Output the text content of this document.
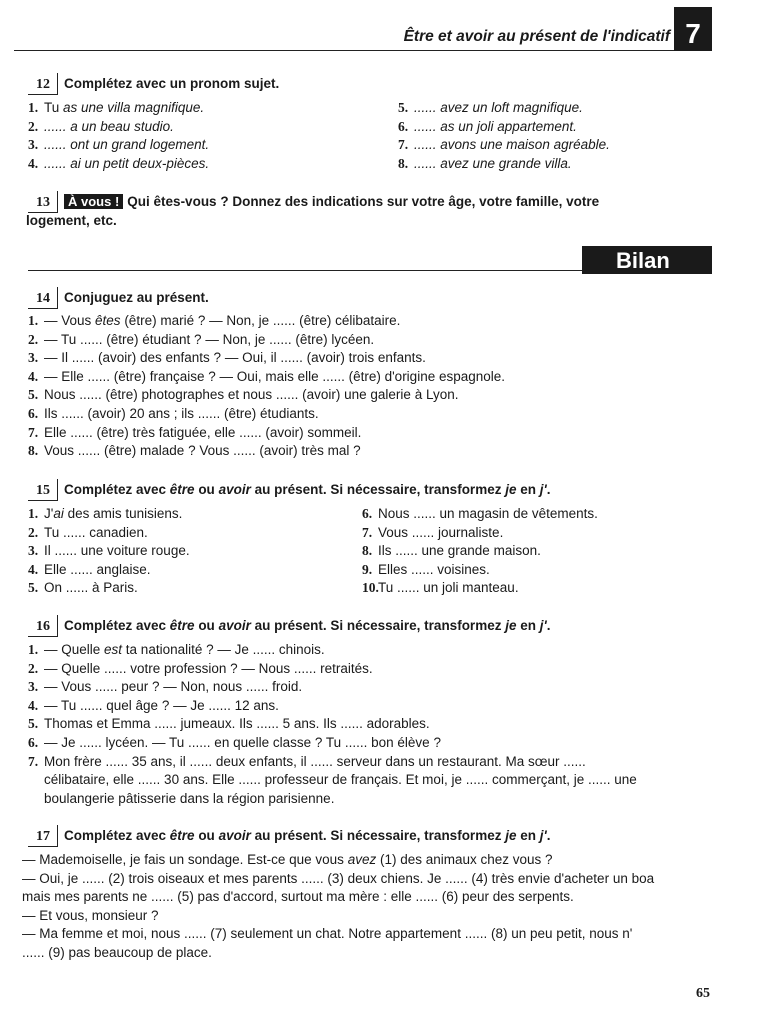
Être et avoir au présent de l'indicatif 7
12 Complétez avec un pronom sujet.
1. Tu as une villa magnifique.
2. ...... a un beau studio.
3. ...... ont un grand logement.
4. ...... ai un petit deux-pièces.
5. ...... avez un loft magnifique.
6. ...... as un joli appartement.
7. ...... avons une maison agréable.
8. ...... avez une grande villa.
13 À vous ! Qui êtes-vous ? Donnez des indications sur votre âge, votre famille, votre
logement, etc.
Bilan
14 Conjuguez au présent.
1. — Vous êtes (être) marié ? — Non, je ...... (être) célibataire.
2. — Tu ...... (être) étudiant ? — Non, je ...... (être) lycéen.
3. — Il ...... (avoir) des enfants ? — Oui, il ...... (avoir) trois enfants.
4. — Elle ...... (être) française ? — Oui, mais elle ...... (être) d'origine espagnole.
5. Nous ...... (être) photographes et nous ...... (avoir) une galerie à Lyon.
6. Ils ...... (avoir) 20 ans ; ils ...... (être) étudiants.
7. Elle ...... (être) très fatiguée, elle ...... (avoir) sommeil.
8. Vous ...... (être) malade ? Vous ...... (avoir) très mal ?
15 Complétez avec être ou avoir au présent. Si nécessaire, transformez je en j'.
1. J'ai des amis tunisiens.
2. Tu ...... canadien.
3. Il ...... une voiture rouge.
4. Elle ...... anglaise.
5. On ...... à Paris.
6. Nous ...... un magasin de vêtements.
7. Vous ...... journaliste.
8. Ils ...... une grande maison.
9. Elles ...... voisines.
10.Tu ...... un joli manteau.
16 Complétez avec être ou avoir au présent. Si nécessaire, transformez je en j'.
1. — Quelle est ta nationalité ? — Je ...... chinois.
2. — Quelle ...... votre profession ? — Nous ...... retraités.
3. — Vous ...... peur ? — Non, nous ...... froid.
4. — Tu ...... quel âge ? — Je ...... 12 ans.
5. Thomas et Emma ...... jumeaux. Ils ...... 5 ans. Ils ...... adorables.
6. — Je ...... lycéen. — Tu ...... en quelle classe ? Tu ...... bon élève ?
7. Mon frère ...... 35 ans, il ...... deux enfants, il ...... serveur dans un restaurant. Ma sœur ......
célibataire, elle ...... 30 ans. Elle ...... professeur de français. Et moi, je ...... commerçant, je ...... une
boulangerie pâtisserie dans la région parisienne.
17 Complétez avec être ou avoir au présent. Si nécessaire, transformez je en j'.
— Mademoiselle, je fais un sondage. Est-ce que vous avez (1) des animaux chez vous ?
— Oui, je ...... (2) trois oiseaux et mes parents ...... (3) deux chiens. Je ...... (4) très envie d'acheter un boa
mais mes parents ne ...... (5) pas d'accord, surtout ma mère : elle ...... (6) peur des serpents.
— Et vous, monsieur ?
— Ma femme et moi, nous ...... (7) seulement un chat. Notre appartement ...... (8) un peu petit, nous n'
...... (9) pas beaucoup de place.
65
